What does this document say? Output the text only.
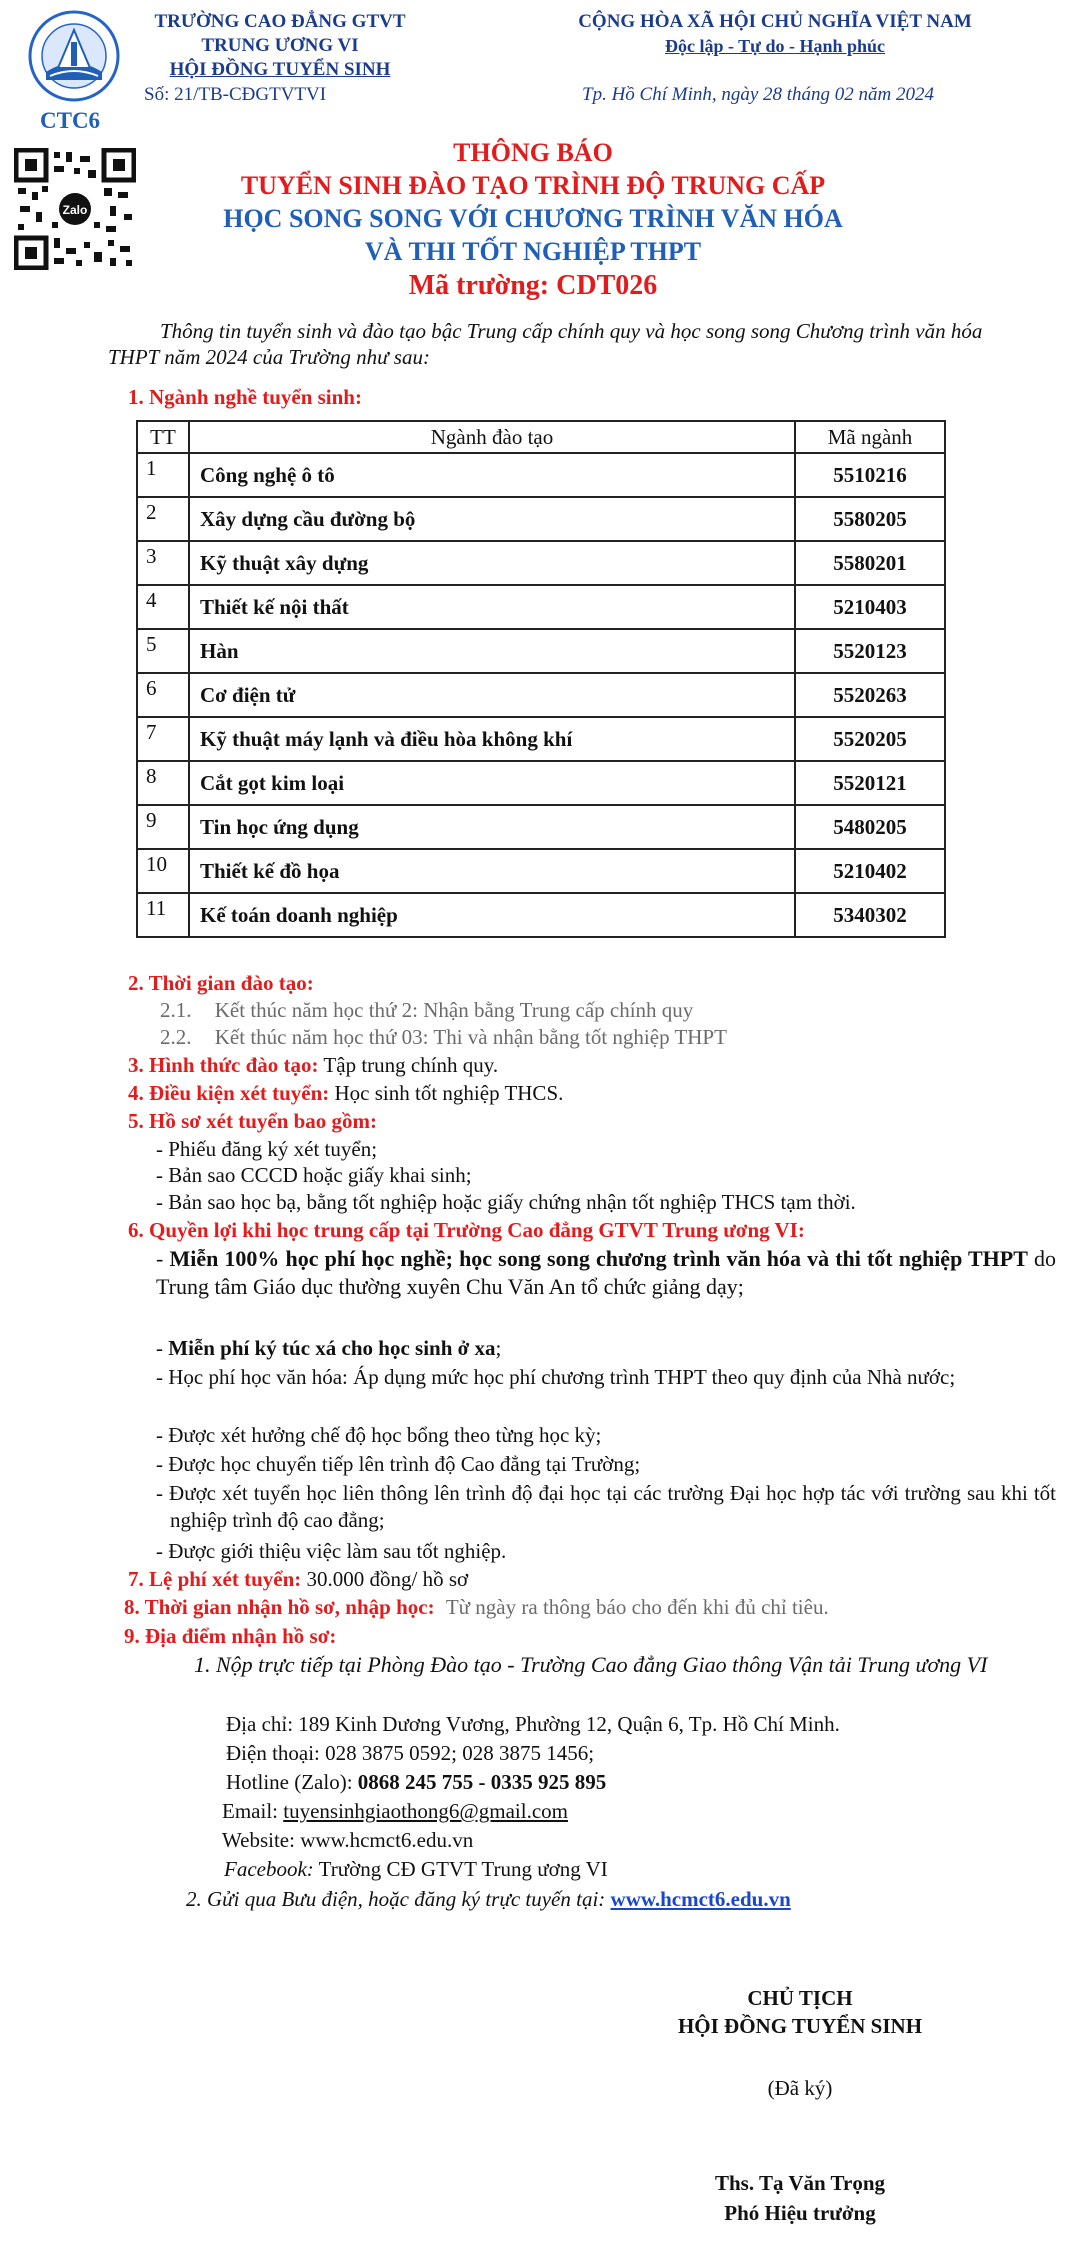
CTC6
Zalo
TRƯỜNG CAO ĐẲNG GTVT
TRUNG ƯƠNG VI
HỘI ĐỒNG TUYỂN SINH
Số: 21/TB-CĐGTVTVI
CỘNG HÒA XÃ HỘI CHỦ NGHĨA VIỆT NAM
Độc lập - Tự do - Hạnh phúc
Tp. Hồ Chí Minh, ngày 28 tháng 02 năm 2024
THÔNG BÁO
TUYỂN SINH ĐÀO TẠO TRÌNH ĐỘ TRUNG CẤP
HỌC SONG SONG VỚI CHƯƠNG TRÌNH VĂN HÓA
VÀ THI TỐT NGHIỆP THPT
Mã trường: CDT026
Thông tin tuyển sinh và đào tạo bậc Trung cấp chính quy và học song song Chương trình văn hóa THPT năm 2024 của Trường như sau:
1. Ngành nghề tuyển sinh:
TT	Ngành đào tạo	Mã ngành
1	Công nghệ ô tô	5510216
2	Xây dựng cầu đường bộ	5580205
3	Kỹ thuật xây dựng	5580201
4	Thiết kế nội thất	5210403
5	Hàn	5520123
6	Cơ điện tử	5520263
7	Kỹ thuật máy lạnh và điều hòa không khí	5520205
8	Cắt gọt kim loại	5520121
9	Tin học ứng dụng	5480205
10	Thiết kế đồ họa	5210402
11	Kế toán doanh nghiệp	5340302
2. Thời gian đào tạo:
2.1. Kết thúc năm học thứ 2: Nhận bằng Trung cấp chính quy
2.2. Kết thúc năm học thứ 03: Thi và nhận bằng tốt nghiệp THPT
3. Hình thức đào tạo: Tập trung chính quy.
4. Điều kiện xét tuyển: Học sinh tốt nghiệp THCS.
5. Hồ sơ xét tuyển bao gồm:
- Phiếu đăng ký xét tuyển;
- Bản sao CCCD hoặc giấy khai sinh;
- Bản sao học bạ, bằng tốt nghiệp hoặc giấy chứng nhận tốt nghiệp THCS tạm thời.
6. Quyền lợi khi học trung cấp tại Trường Cao đẳng GTVT Trung ương VI:
- Miễn 100% học phí học nghề; học song song chương trình văn hóa và thi tốt nghiệp THPT do Trung tâm Giáo dục thường xuyên Chu Văn An tổ chức giảng dạy;
- Miễn phí ký túc xá cho học sinh ở xa;
- Học phí học văn hóa: Áp dụng mức học phí chương trình THPT theo quy định của Nhà nước;
- Được xét hưởng chế độ học bổng theo từng học kỳ;
- Được học chuyển tiếp lên trình độ Cao đẳng tại Trường;
- Được xét tuyển học liên thông lên trình độ đại học tại các trường Đại học hợp tác với trường sau khi tốt nghiệp trình độ cao đẳng;
- Được giới thiệu việc làm sau tốt nghiệp.
7. Lệ phí xét tuyển: 30.000 đồng/ hồ sơ
8. Thời gian nhận hồ sơ, nhập học: Từ ngày ra thông báo cho đến khi đủ chỉ tiêu.
9. Địa điểm nhận hồ sơ:
1. Nộp trực tiếp tại Phòng Đào tạo - Trường Cao đẳng Giao thông Vận tải Trung ương VI
Địa chỉ: 189 Kinh Dương Vương, Phường 12, Quận 6, Tp. Hồ Chí Minh.
Điện thoại: 028 3875 0592; 028 3875 1456;
Hotline (Zalo): 0868 245 755 - 0335 925 895
Email: tuyensinhgiaothong6@gmail.com
Website: www.hcmct6.edu.vn
Facebook: Trường CĐ GTVT Trung ương VI
2. Gửi qua Bưu điện, hoặc đăng ký trực tuyến tại: www.hcmct6.edu.vn
CHỦ TỊCH
HỘI ĐỒNG TUYỂN SINH
(Đã ký)
Ths. Tạ Văn Trọng
Phó Hiệu trưởng
